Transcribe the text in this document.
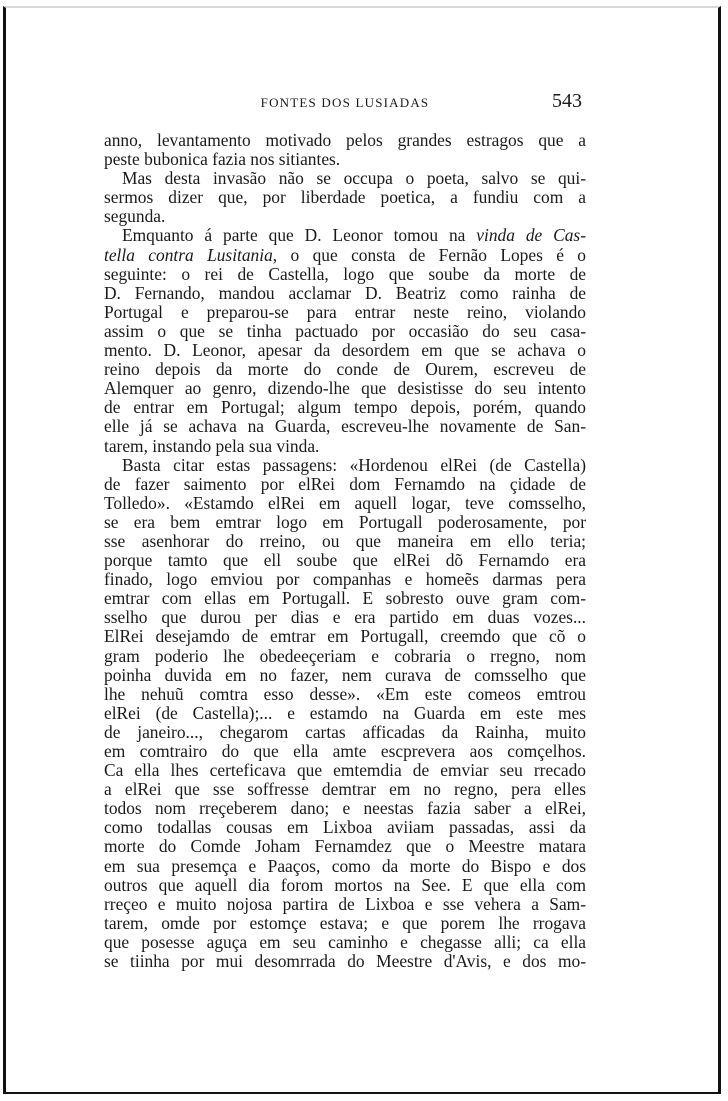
FONTES DOS LUSIADAS	543
anno, levantamento motivado pelos grandes estragos que a
peste bubonica fazia nos sitiantes.
Mas desta invasão não se occupa o poeta, salvo se qui-
sermos dizer que, por liberdade poetica, a fundiu com a
segunda.
Emquanto á parte que D. Leonor tomou na vinda de Cas-
tella contra Lusitania, o que consta de Fernão Lopes é o
seguinte: o rei de Castella, logo que soube da morte de
D. Fernando, mandou acclamar D. Beatriz como rainha de
Portugal e preparou-se para entrar neste reino, violando
assim o que se tinha pactuado por occasião do seu casa-
mento. D. Leonor, apesar da desordem em que se achava o
reino depois da morte do conde de Ourem, escreveu de
Alemquer ao genro, dizendo-lhe que desistisse do seu intento
de entrar em Portugal; algum tempo depois, porém, quando
elle já se achava na Guarda, escreveu-lhe novamente de San-
tarem, instando pela sua vinda.
Basta citar estas passagens: «Hordenou elRei (de Castella)
de fazer saimento por elRei dom Fernamdo na çidade de
Tolledo». «Estamdo elRei em aquell logar, teve comsselho,
se era bem emtrar logo em Portugall poderosamente, por
sse asenhorar do rreino, ou que maneira em ello teria;
porque tamto que ell soube que elRei dõ Fernamdo era
finado, logo emviou por companhas e homeẽs darmas pera
emtrar com ellas em Portugall. E sobresto ouve gram com-
sselho que durou per dias e era partido em duas vozes...
ElRei desejamdo de emtrar em Portugall, creemdo que cõ o
gram poderio lhe obedeeçeriam e cobraria o rregno, nom
poinha duvida em no fazer, nem curava de comsselho que
lhe nehuũ comtra esso desse». «Em este comeos emtrou
elRei (de Castella);... e estamdo na Guarda em este mes
de janeiro..., chegarom cartas afficadas da Rainha, muito
em comtrairo do que ella amte escprevera aos comçelhos.
Ca ella lhes certeficava que emtemdia de emviar seu rrecado
a elRei que sse soffresse demtrar em no regno, pera elles
todos nom rreçeberem dano; e neestas fazia saber a elRei,
como todallas cousas em Lixboa aviiam passadas, assi da
morte do Comde Joham Fernamdez que o Meestre matara
em sua presemça e Paaços, como da morte do Bispo e dos
outros que aquell dia forom mortos na See. E que ella com
rreçeo e muito nojosa partira de Lixboa e sse vehera a Sam-
tarem, omde por estomçe estava; e que porem lhe rrogava
que posesse aguça em seu caminho e chegasse alli; ca ella
se tiinha por mui desomrrada do Meestre d'Avis, e dos mo-
